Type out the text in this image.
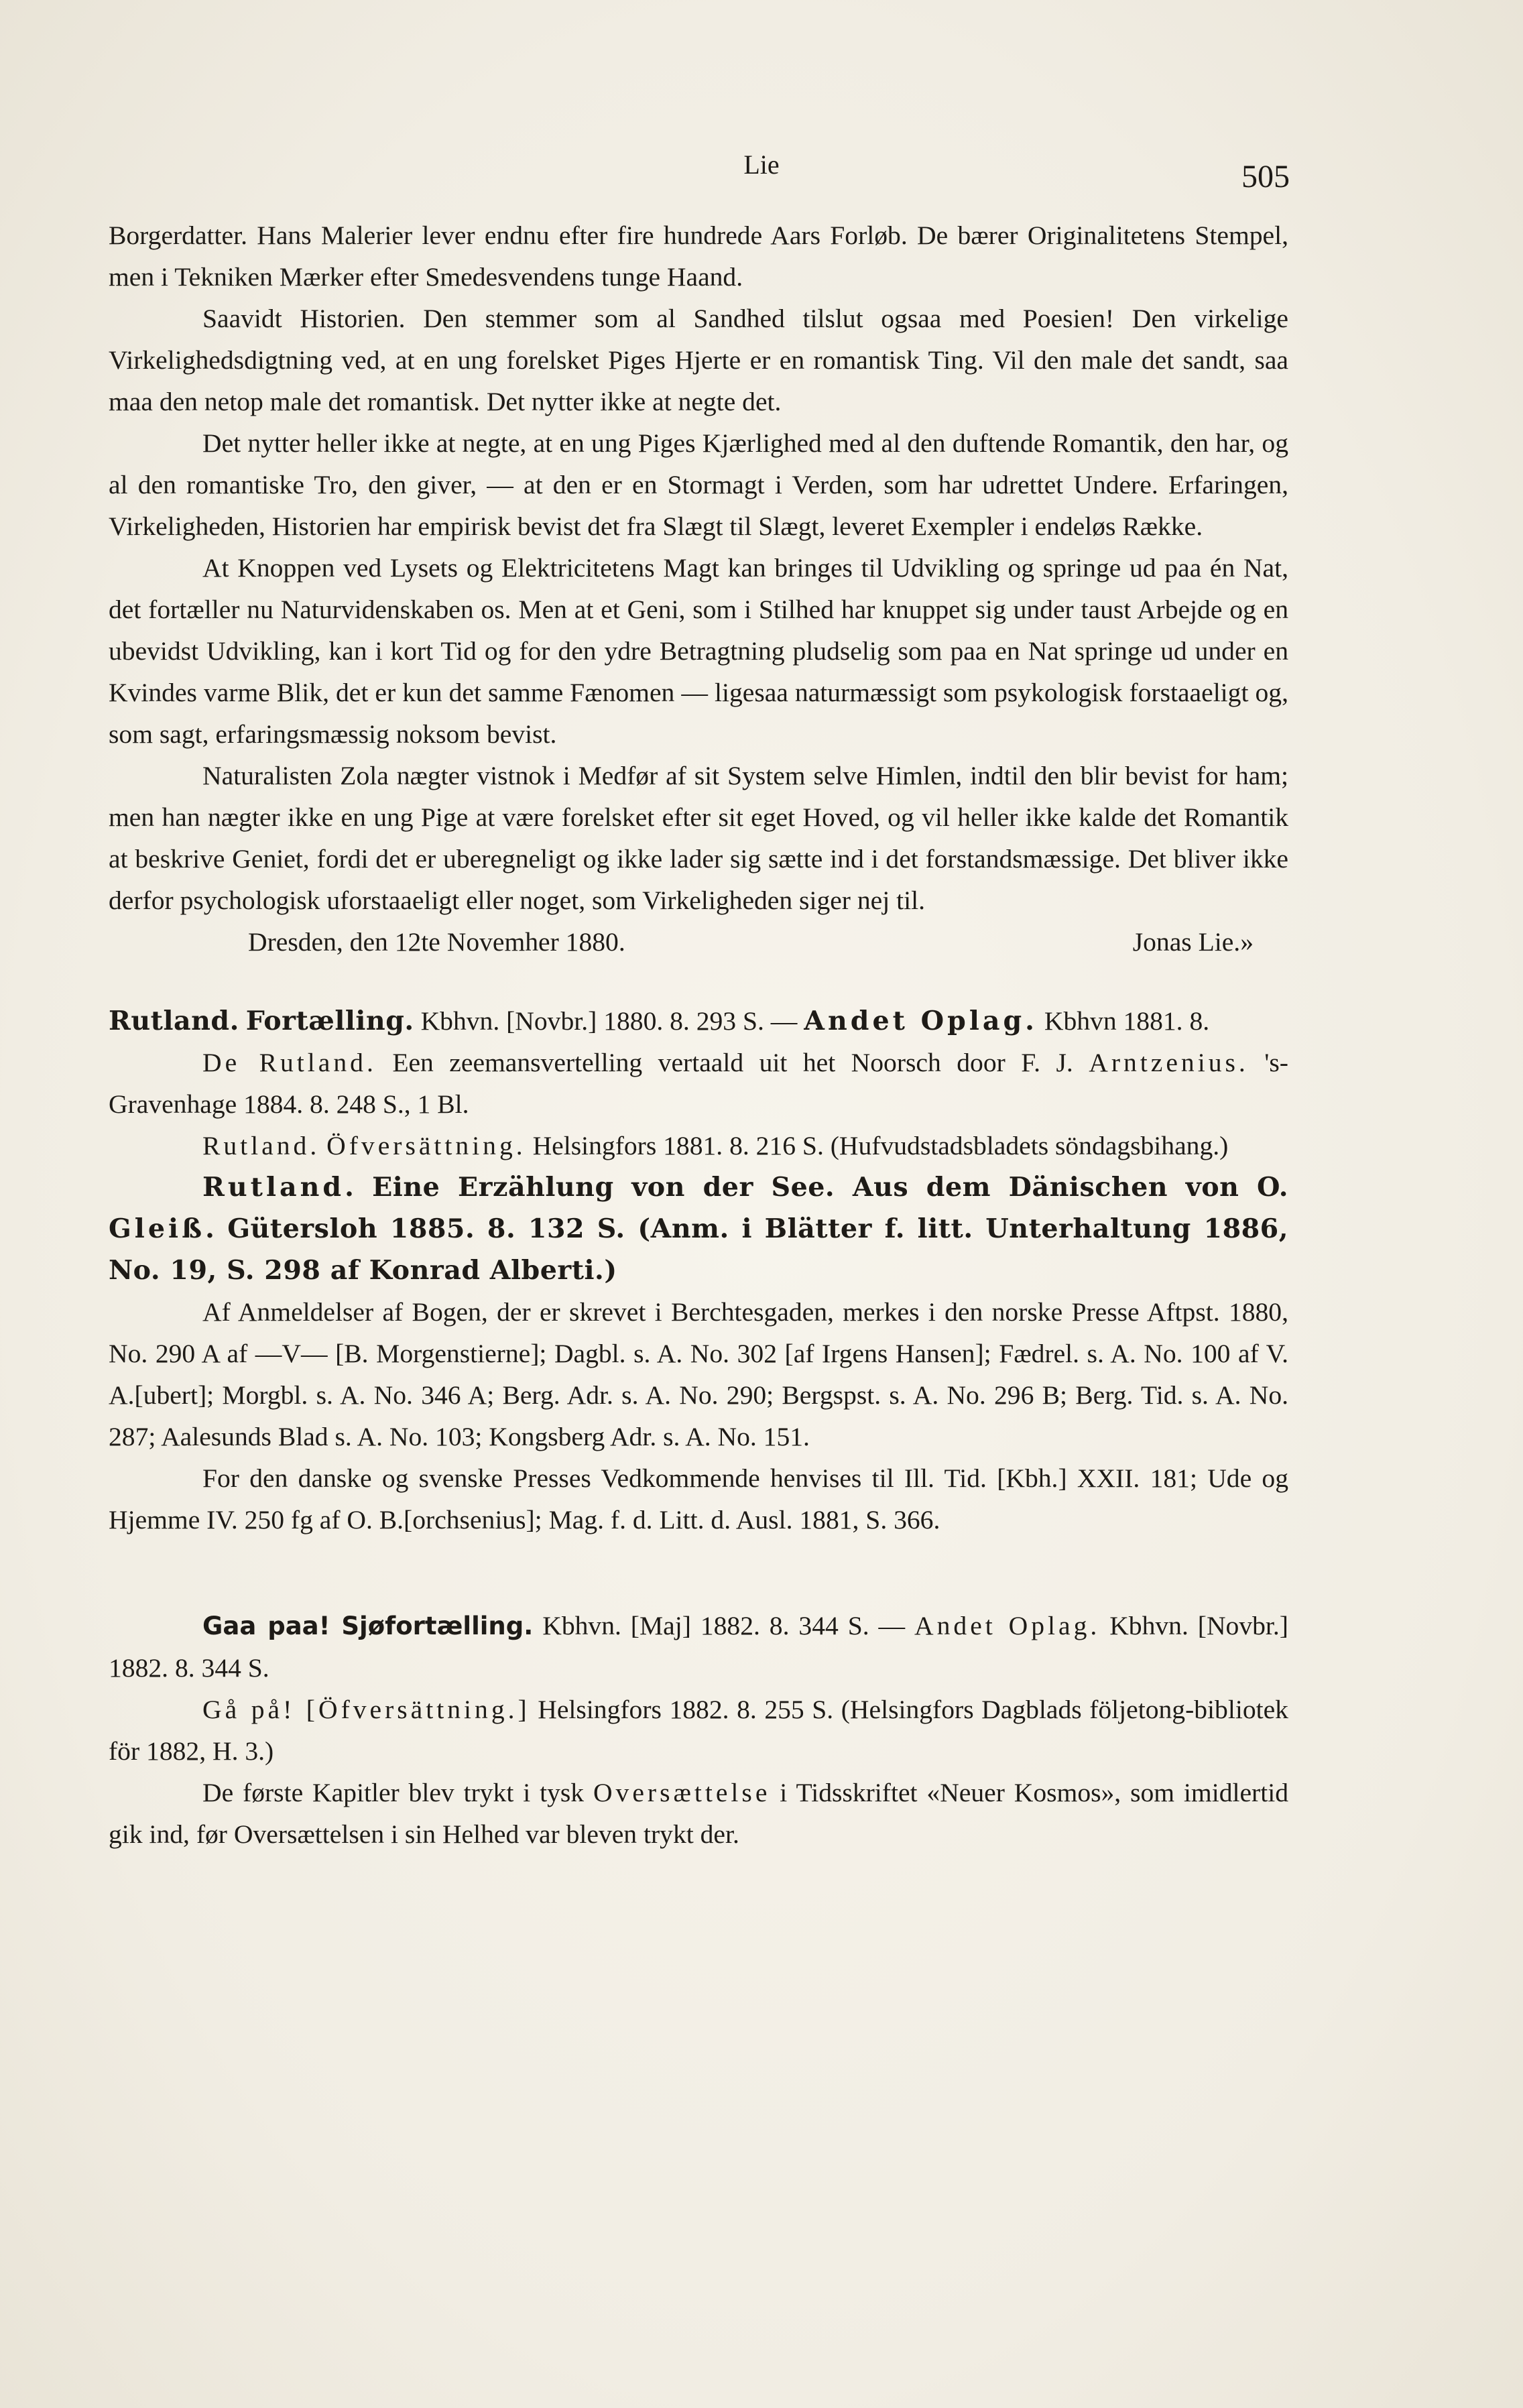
Lie	505

Borgerdatter. Hans Malerier lever endnu efter fire hundrede Aars Forløb. De bærer Originalitetens Stempel, men i Tekniken Mærker efter Smedesvendens tunge Haand.

Saavidt Historien. Den stemmer som al Sandhed tilslut ogsaa med Poesien! Den virkelige Virkelighedsdigtning ved, at en ung forelsket Piges Hjerte er en romantisk Ting. Vil den male det sandt, saa maa den netop male det romantisk. Det nytter ikke at negte det.

Det nytter heller ikke at negte, at en ung Piges Kjærlighed med al den duftende Romantik, den har, og al den romantiske Tro, den giver, — at den er en Stormagt i Verden, som har udrettet Undere. Erfaringen, Virkeligheden, Historien har empirisk bevist det fra Slægt til Slægt, leveret Exempler i endeløs Række.

At Knoppen ved Lysets og Elektricitetens Magt kan bringes til Udvikling og springe ud paa én Nat, det fortæller nu Naturvidenskaben os. Men at et Geni, som i Stilhed har knuppet sig under taust Arbejde og en ubevidst Udvikling, kan i kort Tid og for den ydre Betragtning pludselig som paa en Nat springe ud under en Kvindes varme Blik, det er kun det samme Fænomen — ligesaa naturmæssigt som psykologisk forstaaeligt og, som sagt, erfaringsmæssig noksom bevist.

Naturalisten Zola nægter vistnok i Medfør af sit System selve Himlen, indtil den blir bevist for ham; men han nægter ikke en ung Pige at være forelsket efter sit eget Hoved, og vil heller ikke kalde det Romantik at beskrive Geniet, fordi det er uberegneligt og ikke lader sig sætte ind i det forstandsmæssige. Det bliver ikke derfor psychologisk uforstaaeligt eller noget, som Virkeligheden siger nej til.

Dresden, den 12te Novemher 1880.	Jonas Lie.»

Rutland. Fortælling. Kbhvn. [Novbr.] 1880. 8. 293 S. — Andet Oplag. Kbhvn 1881. 8.

De Rutland. Een zeemansvertelling vertaald uit het Noorsch door F. J. Arntzenius. 's-Gravenhage 1884. 8. 248 S., 1 Bl.

Rutland. Öfversättning. Helsingfors 1881. 8. 216 S. (Hufvudstadsbladets söndagsbihang.)

Rutland. Eine Erzählung von der See. Aus dem Dänischen von O. Gleiß. Gütersloh 1885. 8. 132 S. (Anm. i Blätter f. litt. Unterhaltung 1886, No. 19, S. 298 af Konrad Alberti.)

Af Anmeldelser af Bogen, der er skrevet i Berchtesgaden, merkes i den norske Presse Aftpst. 1880, No. 290 A af —V— [B. Morgenstierne]; Dagbl. s. A. No. 302 [af Irgens Hansen]; Fædrel. s. A. No. 100 af V. A.[ubert]; Morgbl. s. A. No. 346 A; Berg. Adr. s. A. No. 290; Bergspst. s. A. No. 296 B; Berg. Tid. s. A. No. 287; Aalesunds Blad s. A. No. 103; Kongsberg Adr. s. A. No. 151.

For den danske og svenske Presses Vedkommende henvises til Ill. Tid. [Kbh.] XXII. 181; Ude og Hjemme IV. 250 fg af O. B.[orchsenius]; Mag. f. d. Litt. d. Ausl. 1881, S. 366.

Gaa paa! Sjøfortælling. Kbhvn. [Maj] 1882. 8. 344 S. — Andet Oplag. Kbhvn. [Novbr.] 1882. 8. 344 S.

Gå på! [Öfversättning.] Helsingfors 1882. 8. 255 S. (Helsingfors Dagblads följetong-bibliotek för 1882, H. 3.)

De første Kapitler blev trykt i tysk Oversættelse i Tidsskriftet «Neuer Kosmos», som imidlertid gik ind, før Oversættelsen i sin Helhed var bleven trykt der.
